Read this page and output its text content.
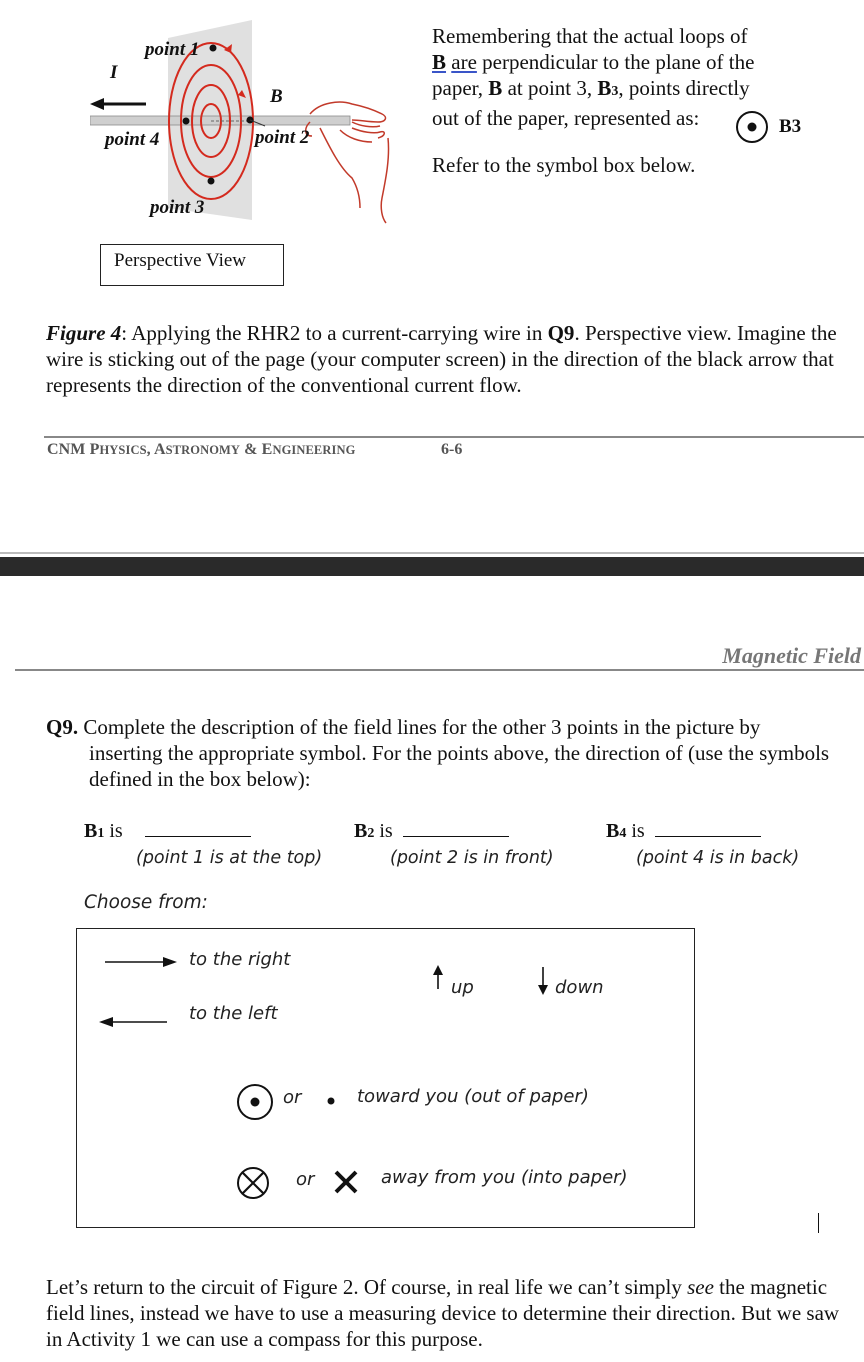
I
point 1
B
point 4	point 2
point 3
Perspective View
Remembering that the actual loops of
B are perpendicular to the plane of the
paper, B at point 3, B3, points directly
out of the paper, represented as:	B3
Refer to the symbol box below.
Figure 4: Applying the RHR2 to a current-carrying wire in Q9. Perspective view. Imagine the wire is sticking out of the page (your computer screen) in the direction of the black arrow that represents the direction of the conventional current flow.
CNM PHYSICS, ASTRONOMY & ENGINEERING	6-6
Magnetic Field
Q9. Complete the description of the field lines for the other 3 points in the picture by
inserting the appropriate symbol. For the points above, the direction of (use the symbols defined in the box below):
B1 is
(point 1 is at the top)
B2 is
(point 2 is in front)
B4 is
(point 4 is in back)
Choose from:
to the right
to the left
up	down
or	toward you (out of paper)
or	away from you (into paper)
Let’s return to the circuit of Figure 2. Of course, in real life we can’t simply see the magnetic field lines, instead we have to use a measuring device to determine their direction. But we saw in Activity 1 we can use a compass for this purpose.
